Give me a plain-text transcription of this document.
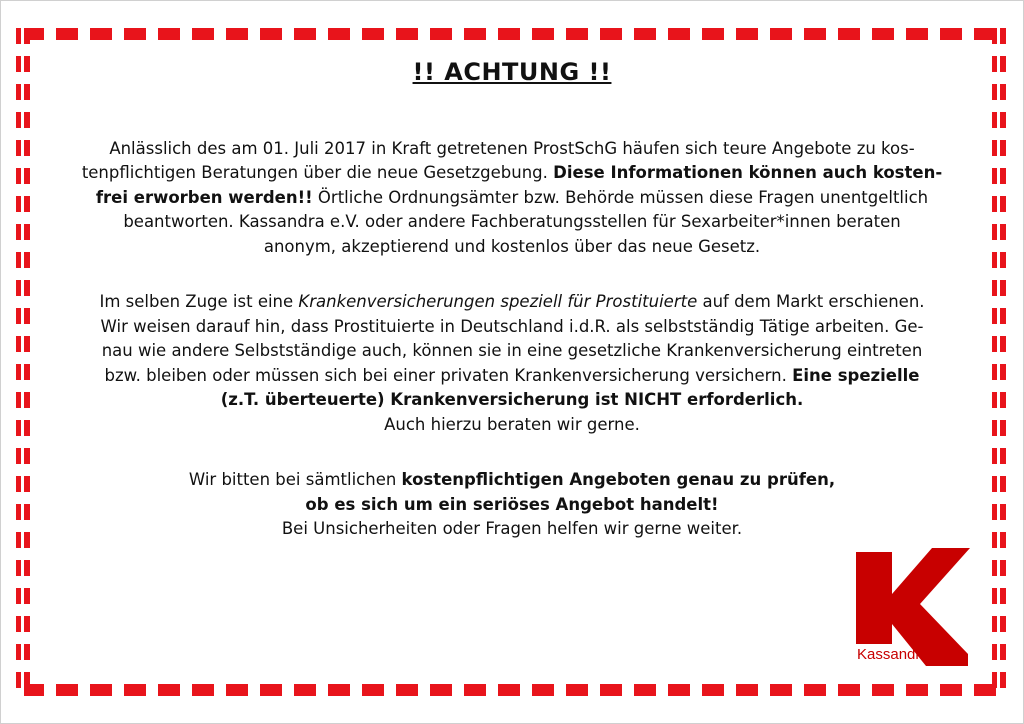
!! ACHTUNG !!

Anlässlich des am 01. Juli 2017 in Kraft getretenen ProstSchG häufen sich teure Angebote zu kos-

tenpflichtigen Beratungen über die neue Gesetzgebung. Diese Informationen können auch kosten-

frei erworben werden!! Örtliche Ordnungsämter bzw. Behörde müssen diese Fragen unentgeltlich

beantworten. Kassandra e.V. oder andere Fachberatungsstellen für Sexarbeiter*innen beraten

anonym, akzeptierend und kostenlos über das neue Gesetz.

Im selben Zuge ist eine Krankenversicherungen speziell für Prostituierte auf dem Markt erschienen.

Wir weisen darauf hin, dass Prostituierte in Deutschland i.d.R. als selbstständig Tätige arbeiten. Ge-

nau wie andere Selbstständige auch, können sie in eine gesetzliche Krankenversicherung eintreten

bzw. bleiben oder müssen sich bei einer privaten Krankenversicherung versichern. Eine spezielle

(z.T. überteuerte) Krankenversicherung ist NICHT erforderlich.

Auch hierzu beraten wir gerne.

Wir bitten bei sämtlichen kostenpflichtigen Angeboten genau zu prüfen,

ob es sich um ein seriöses Angebot handelt!

Bei Unsicherheiten oder Fragen helfen wir gerne weiter.

Kassandra e.V.
